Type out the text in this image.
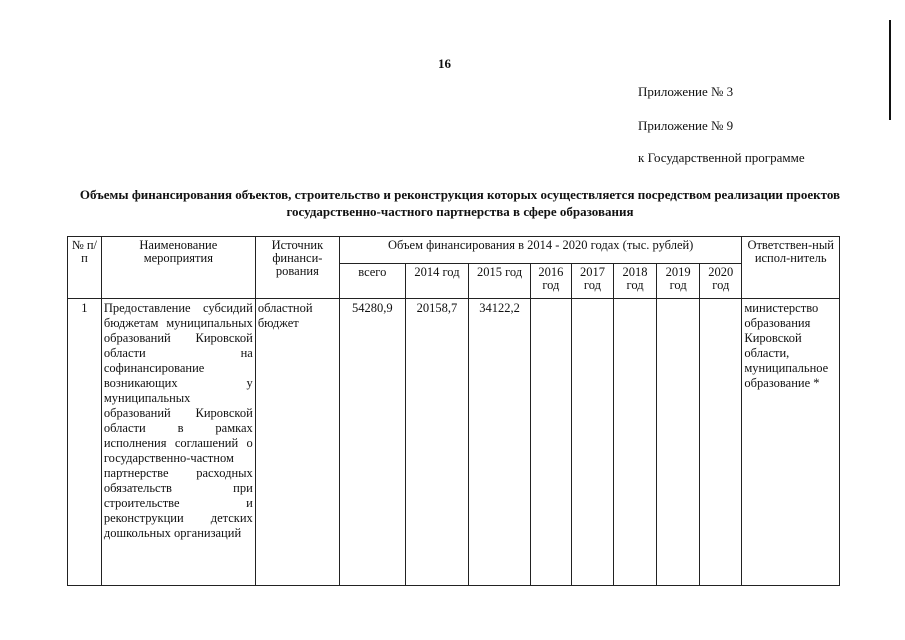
16
Приложение № 3
Приложение № 9
к Государственной программе
Объемы финансирования объектов, строительство и реконструкция которых осуществляется посредством реализации проектов государственно-частного партнерства в сфере образования
№ п/п	Наименование мероприятия	Источник финанси-рования	Объем финансирования в 2014 - 2020 годах (тыс. рублей)								Ответствен-ный испол-нитель
			всего	2014 год	2015 год	2016 год	2017 год	2018 год	2019 год	2020 год	
1	Предоставление субсидий бюджетам муниципальных образований Кировской области на софинансирование возникающих у муниципальных образований Кировской области в рамках исполнения соглашений о государственно-частном партнерстве расходных обязательств при строительстве и реконструкции детских дошкольных организаций	областной бюджет	54280,9	20158,7	34122,2						министерство образования Кировской области, муниципальное образование *
